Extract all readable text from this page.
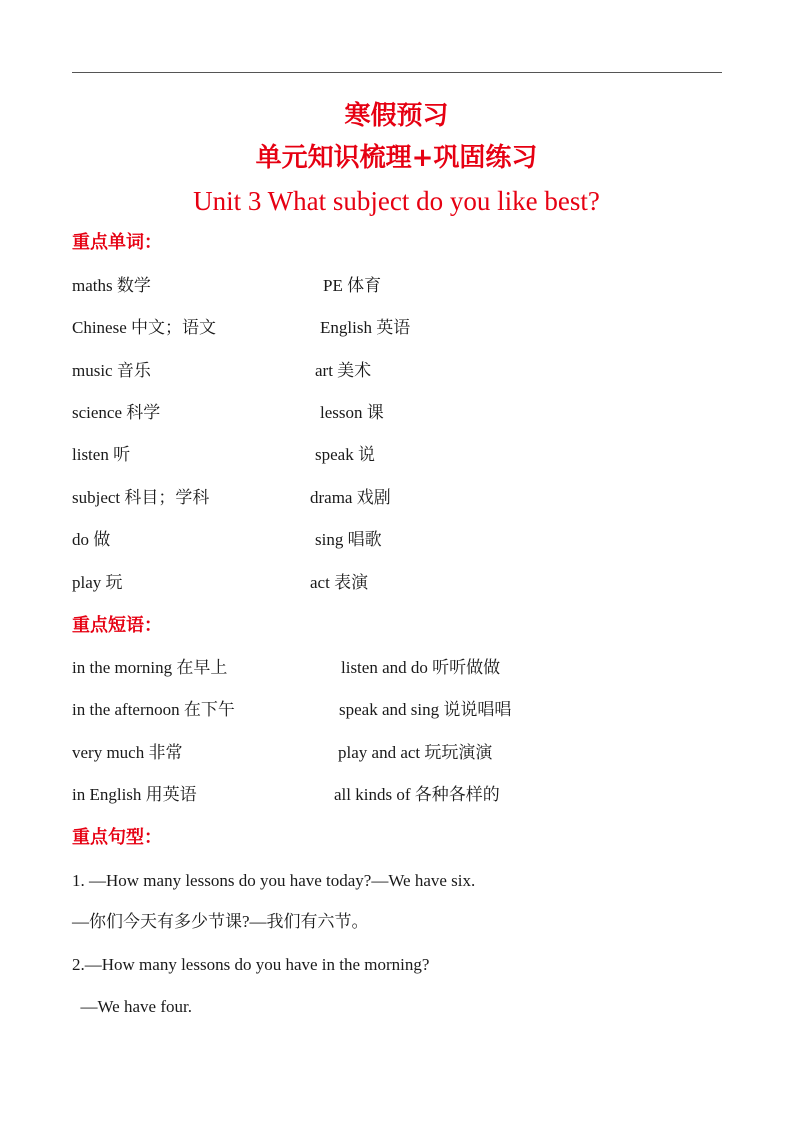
寒假预习
单元知识梳理+巩固练习
Unit 3 What subject do you like best?
重点单词：
maths 数学	PE 体育
Chinese 中文；语文	English 英语
music 音乐	art 美术
science 科学	lesson 课
listen 听	speak 说
subject 科目；学科	drama 戏剧
do 做	sing 唱歌
play 玩	act 表演
重点短语：
in the morning 在早上	listen and do 听听做做
in the afternoon 在下午	speak and sing 说说唱唱
very much 非常	play and act 玩玩演演
in English 用英语	all kinds of 各种各样的
重点句型：
1. —How many lessons do you have today?—We have six.
—你们今天有多少节课?—我们有六节。
2.—How many lessons do you have in the morning?
—We have four.
